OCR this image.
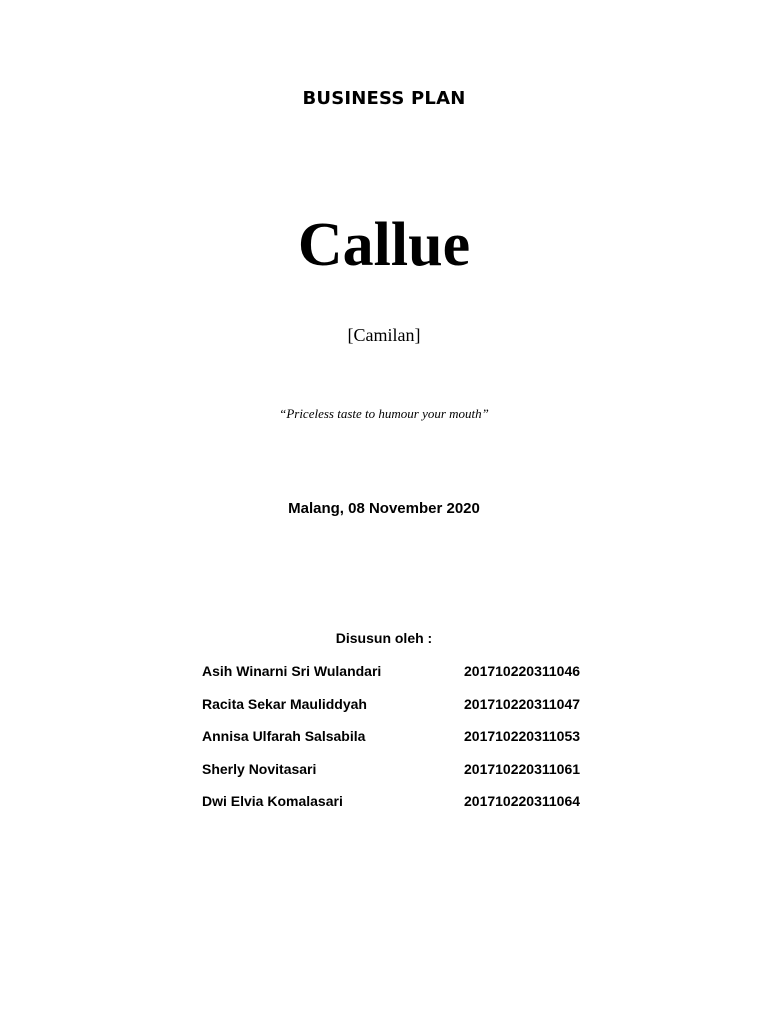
BUSINESS PLAN
Callue
[Camilan]
“Priceless taste to humour your mouth”
Malang, 08 November 2020
Disusun oleh :
Asih Winarni Sri Wulandari	201710220311046
Racita Sekar Mauliddyah	201710220311047
Annisa Ulfarah Salsabila	201710220311053
Sherly Novitasari	201710220311061
Dwi Elvia Komalasari	201710220311064
